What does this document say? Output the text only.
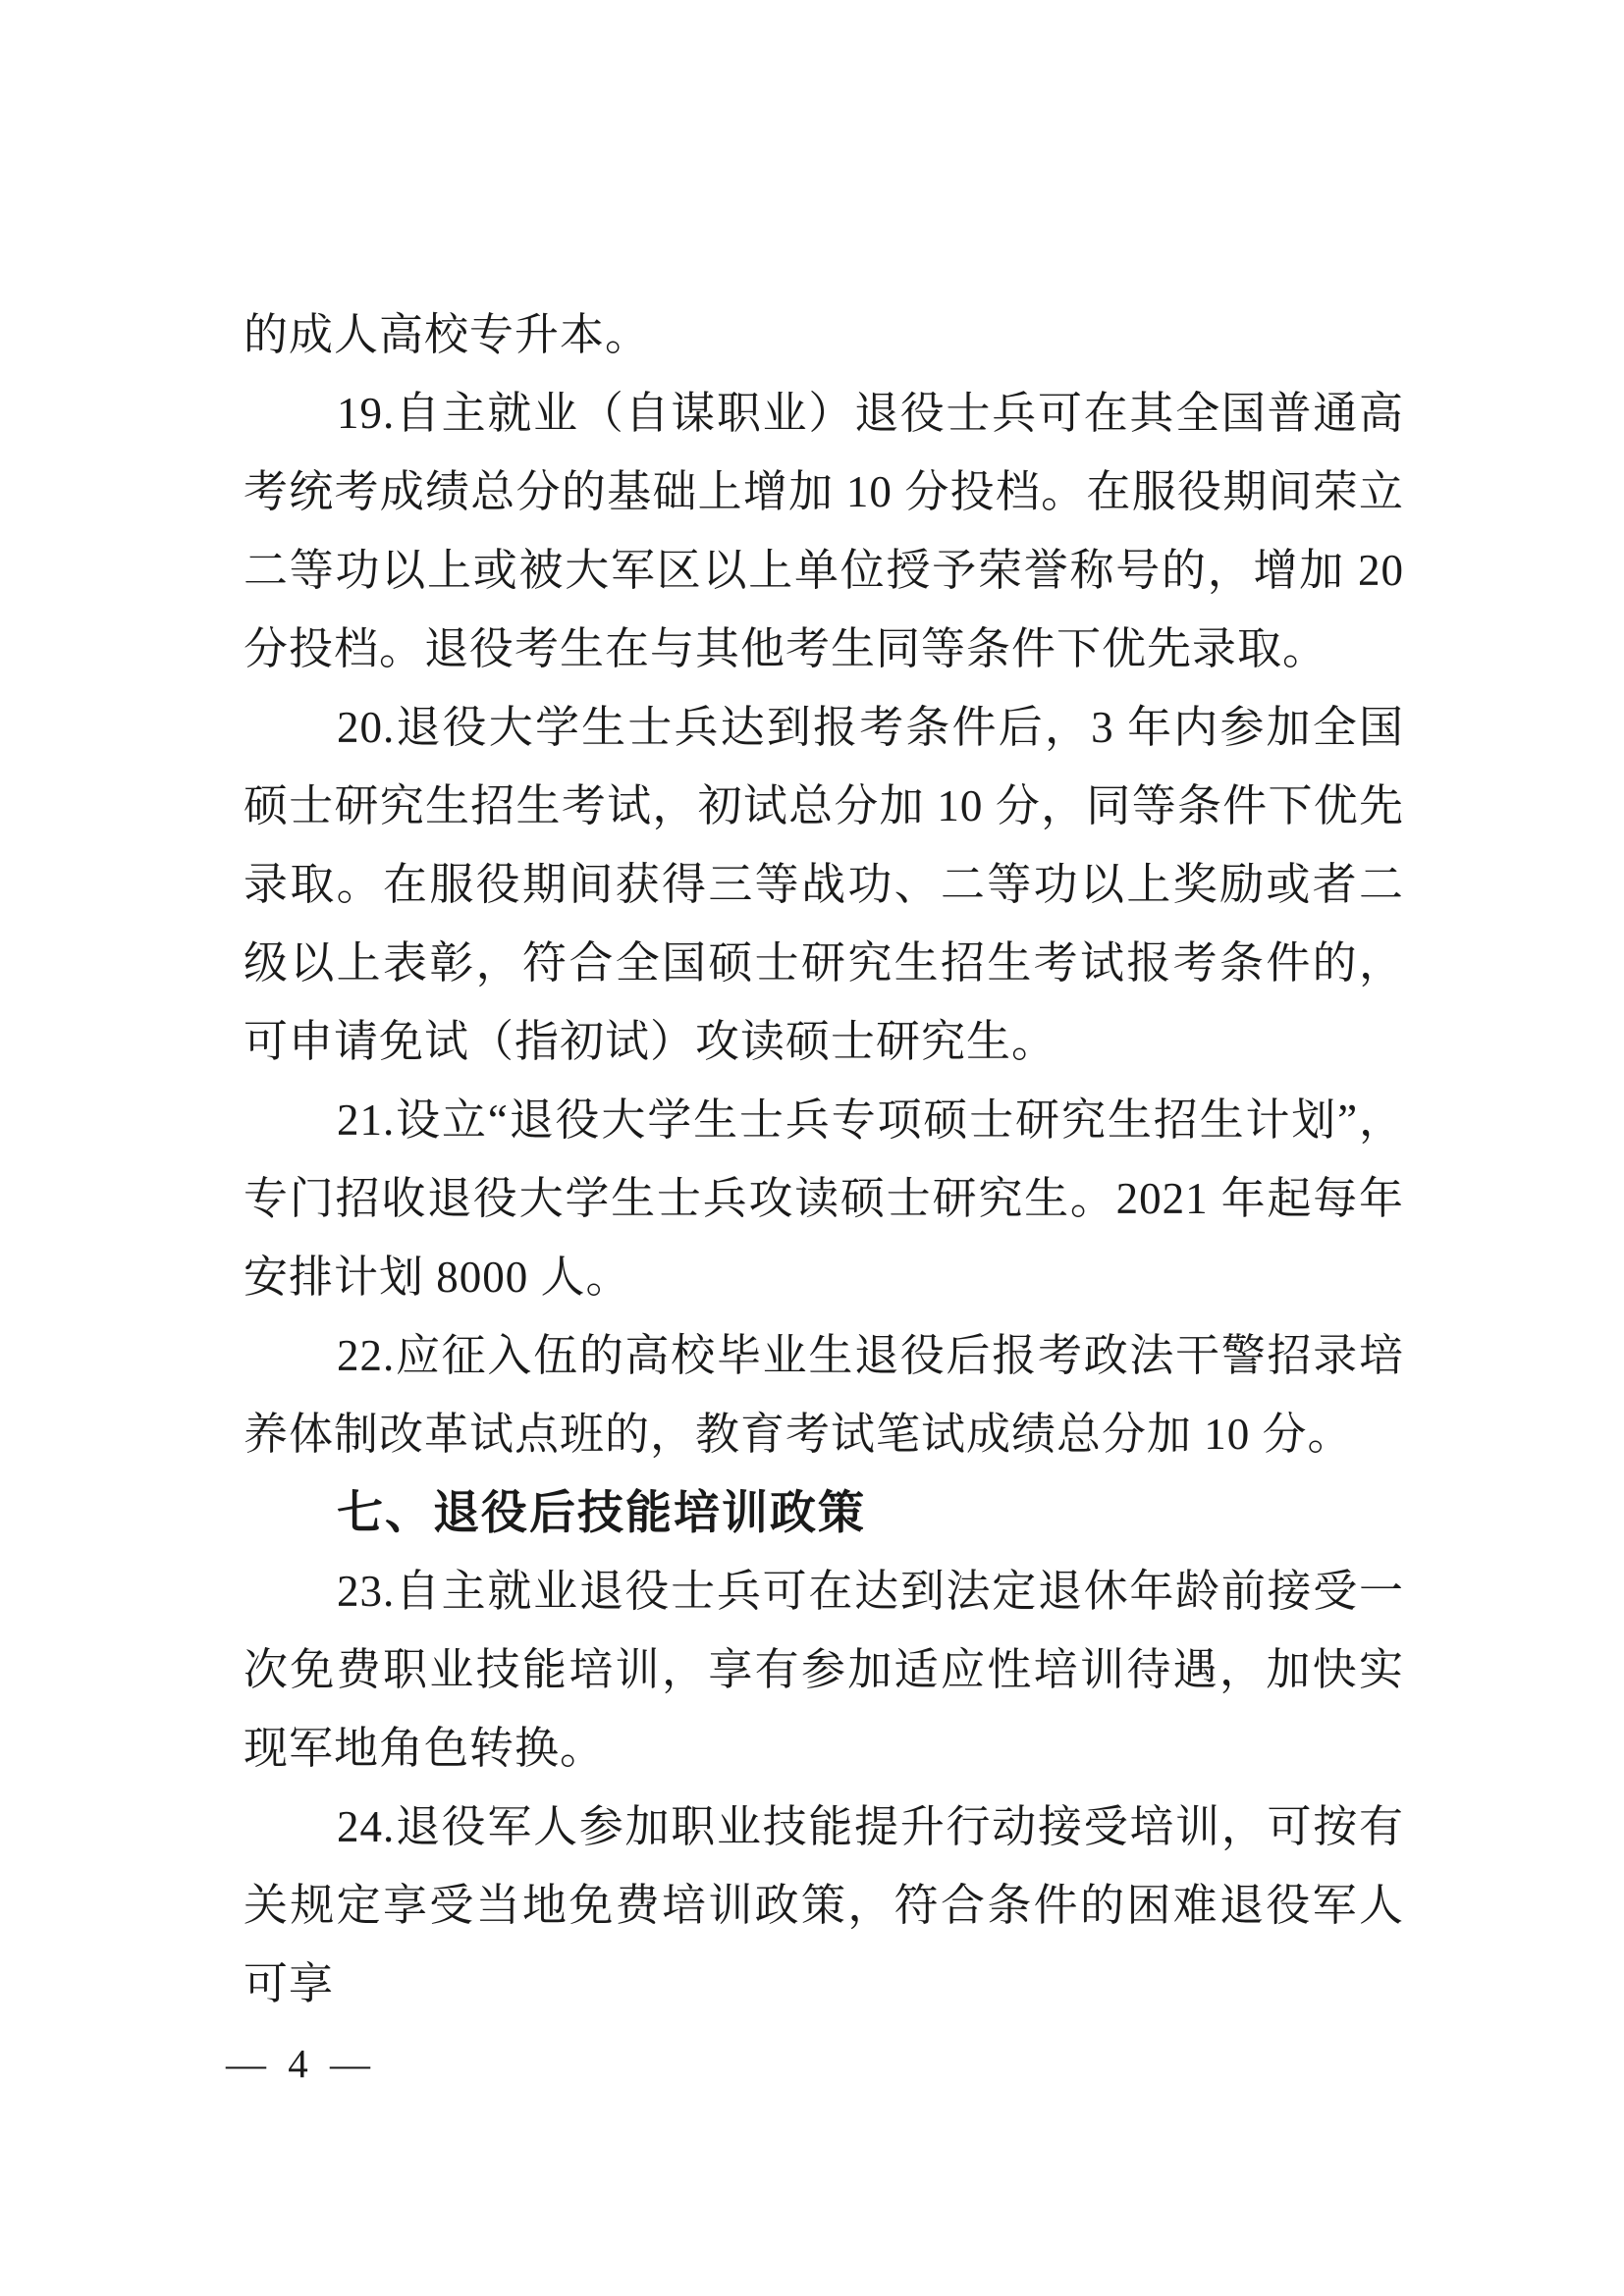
的成人高校专升本。

19.自主就业（自谋职业）退役士兵可在其全国普通高考统考成绩总分的基础上增加 10 分投档。在服役期间荣立二等功以上或被大军区以上单位授予荣誉称号的，增加 20 分投档。退役考生在与其他考生同等条件下优先录取。

20.退役大学生士兵达到报考条件后，3 年内参加全国硕士研究生招生考试，初试总分加 10 分，同等条件下优先录取。在服役期间获得三等战功、二等功以上奖励或者二级以上表彰，符合全国硕士研究生招生考试报考条件的，可申请免试（指初试）攻读硕士研究生。

21.设立“退役大学生士兵专项硕士研究生招生计划”，专门招收退役大学生士兵攻读硕士研究生。2021 年起每年安排计划 8000 人。

22.应征入伍的高校毕业生退役后报考政法干警招录培养体制改革试点班的，教育考试笔试成绩总分加 10 分。

七、退役后技能培训政策

23.自主就业退役士兵可在达到法定退休年龄前接受一次免费职业技能培训，享有参加适应性培训待遇，加快实现军地角色转换。

24.退役军人参加职业技能提升行动接受培训，可按有关规定享受当地免费培训政策，符合条件的困难退役军人可享

— 4 —
